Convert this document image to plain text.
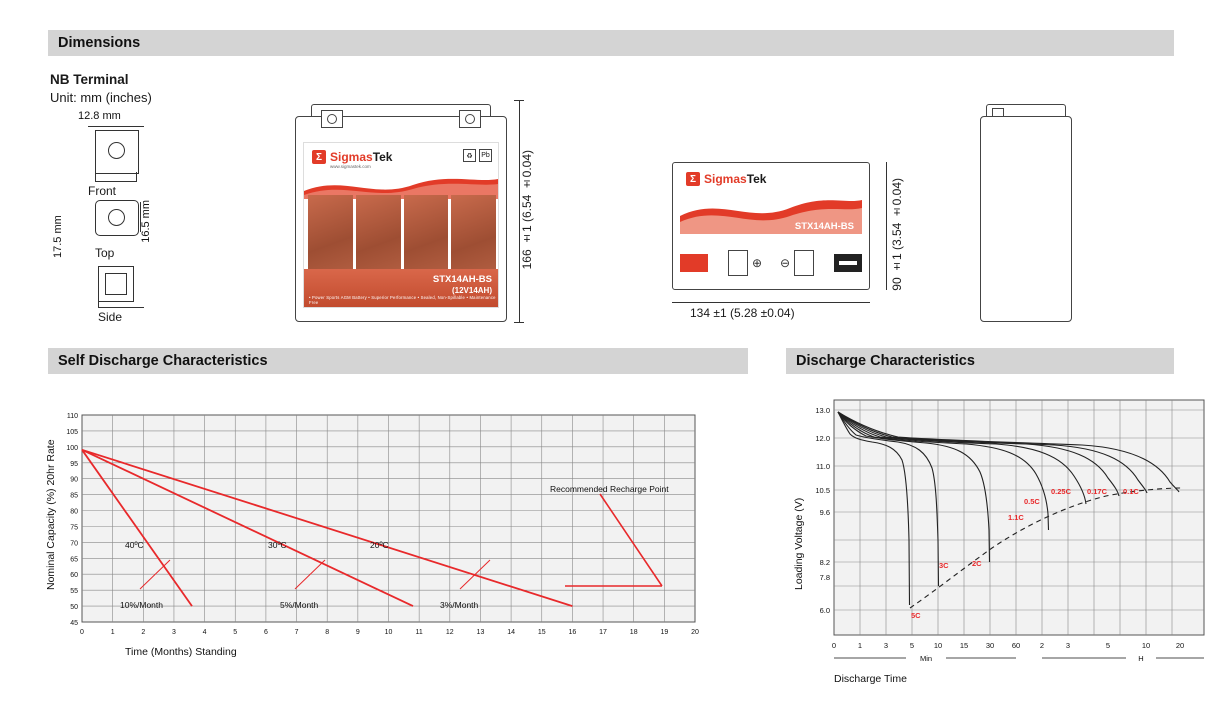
Dimensions
NB Terminal
Unit: mm (inches)
12.8 mm
Front
Top
16.5 mm
Side
17.5 mm
Σ SigmasTek
www.sigmastek.com
♻	Pb
STX14AH-BS
(12V14AH)
• Power Sports AGM Battery • Superior Performance • Sealed, Non-Spillable • Maintenance Free
166 ±1 (6.54 ±0.04)	Σ SigmasTek
STX14AH-BS
(12V14AH)
⊕ ⊖
134 ±1 (5.28 ±0.04)
90 ±1 (3.54 ±0.04)
Self Discharge Characteristics
110
105
100
95
90
85
80
75
70
65
60
55
50
45
0	1	2	3	4	5	6	7	8	9	10	11	12	13	14	15	16	17	18	19	20
40ºC	30ºC	20ºC
10%/Month	5%/Month	3%/Month
Recommended Recharge Point
Time (Months) Standing
Nominal Capacity (%) 20hr Rate
Discharge Characteristics
13.0
12.0
11.0
10.5
9.6
8.2
7.8
6.0
5C
3C	2C
1.1C
0.5C
0.25C 0.17C 0.1C
0	1	3	5	10 15 30 60	2	3	5	10	20
Min	H
Discharge Time
Loading Voltage (V)
